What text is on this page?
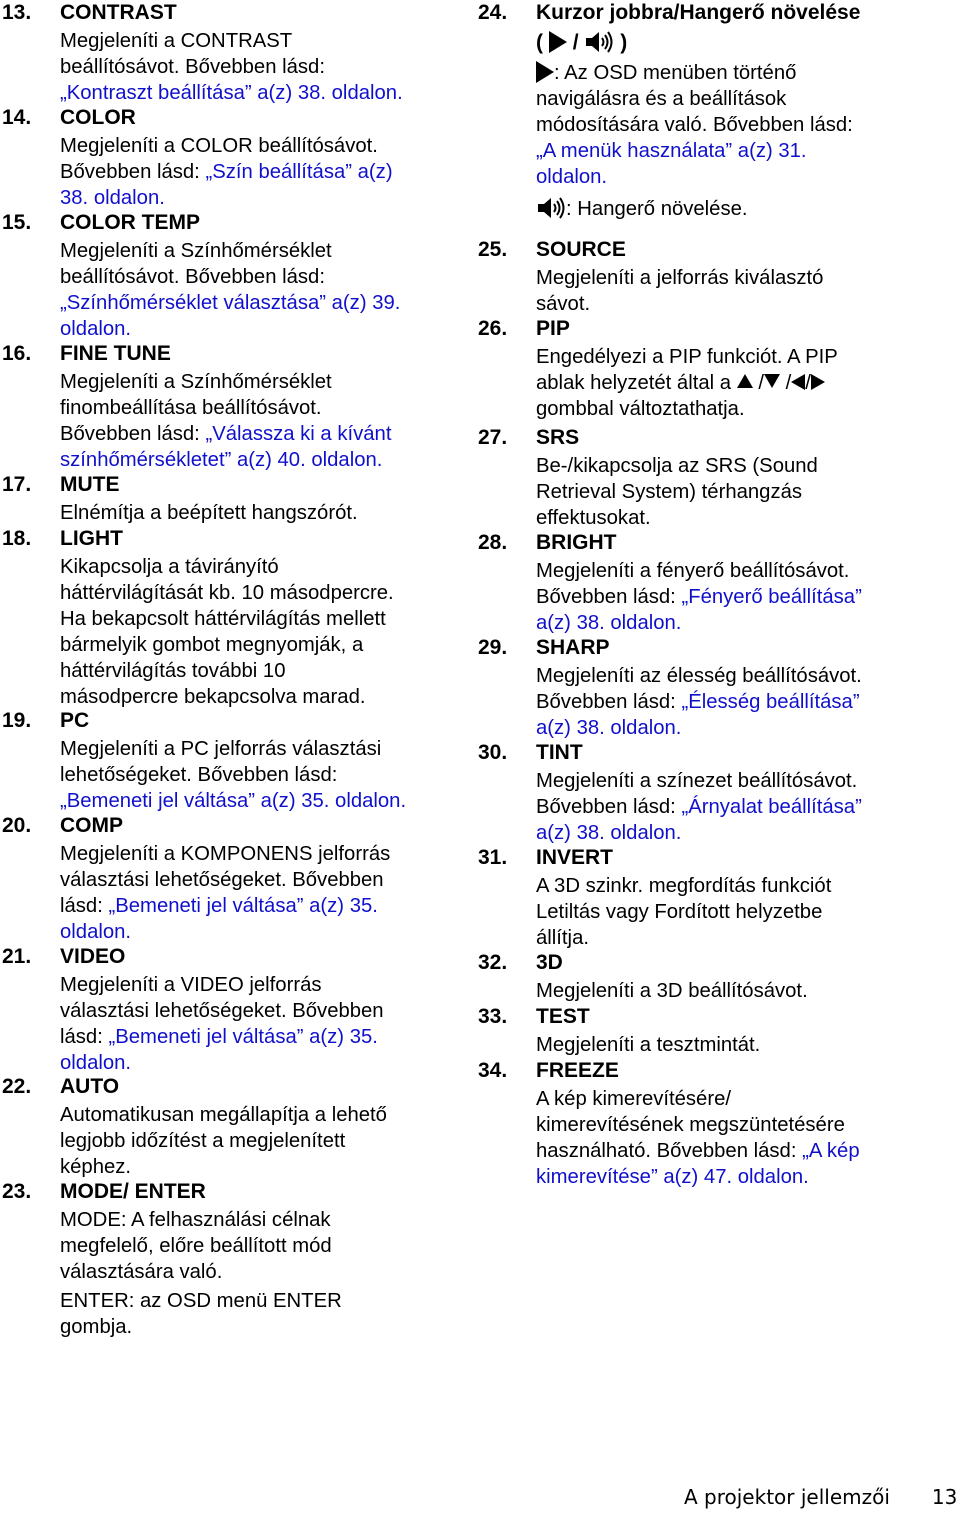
13. CONTRAST
Megjeleníti a CONTRAST
beállítósávot. Bővebben lásd:
„Kontraszt beállítása” a(z) 38. oldalon.
14. COLOR
Megjeleníti a COLOR beállítósávot.
Bővebben lásd: „Szín beállítása” a(z)
38. oldalon.
15. COLOR TEMP
Megjeleníti a Színhőmérséklet
beállítósávot. Bővebben lásd:
„Színhőmérséklet választása” a(z) 39.
oldalon.
16. FINE TUNE
Megjeleníti a Színhőmérséklet
finombeállítása beállítósávot.
Bővebben lásd: „Válassza ki a kívánt
színhőmérsékletet” a(z) 40. oldalon.
17. MUTE
Elnémítja a beépített hangszórót.
18. LIGHT
Kikapcsolja a távirányító
háttérvilágítását kb. 10 másodpercre.
Ha bekapcsolt háttérvilágítás mellett
bármelyik gombot megnyomják, a
háttérvilágítás további 10
másodpercre bekapcsolva marad.
19. PC
Megjeleníti a PC jelforrás választási
lehetőségeket. Bővebben lásd:
„Bemeneti jel váltása” a(z) 35. oldalon.
20. COMP
Megjeleníti a KOMPONENS jelforrás
választási lehetőségeket. Bővebben
lásd: „Bemeneti jel váltása” a(z) 35.
oldalon.
21. VIDEO
Megjeleníti a VIDEO jelforrás
választási lehetőségeket. Bővebben
lásd: „Bemeneti jel váltása” a(z) 35.
oldalon.
22. AUTO
Automatikusan megállapítja a lehető
legjobb időzítést a megjelenített
képhez.
23. MODE/ ENTER
MODE: A felhasználási célnak
megfelelő, előre beállított mód
választására való.
ENTER: az OSD menü ENTER
gombja.
24. Kurzor jobbra/Hangerő növelése
( / )
: Az OSD menüben történő
navigálásra és a beállítások
módosítására való. Bővebben lásd:
„A menük használata” a(z) 31.
oldalon.
: Hangerő növelése.
25. SOURCE
Megjeleníti a jelforrás kiválasztó
sávot.
26. PIP
Engedélyezi a PIP funkciót. A PIP
ablak helyzetét által a / / /
gombbal változtathatja.
27. SRS
Be-/kikapcsolja az SRS (Sound
Retrieval System) térhangzás
effektusokat.
28. BRIGHT
Megjeleníti a fényerő beállítósávot.
Bővebben lásd: „Fényerő beállítása”
a(z) 38. oldalon.
29. SHARP
Megjeleníti az élesség beállítósávot.
Bővebben lásd: „Élesség beállítása”
a(z) 38. oldalon.
30. TINT
Megjeleníti a színezet beállítósávot.
Bővebben lásd: „Árnyalat beállítása”
a(z) 38. oldalon.
31. INVERT
A 3D szinkr. megfordítás funkciót
Letiltás vagy Fordított helyzetbe
állítja.
32. 3D
Megjeleníti a 3D beállítósávot.
33. TEST
Megjeleníti a tesztmintát.
34. FREEZE
A kép kimerevítésére/
kimerevítésének megszüntetésére
használható. Bővebben lásd: „A kép
kimerevítése” a(z) 47. oldalon.
A projektor jellemzői 13
